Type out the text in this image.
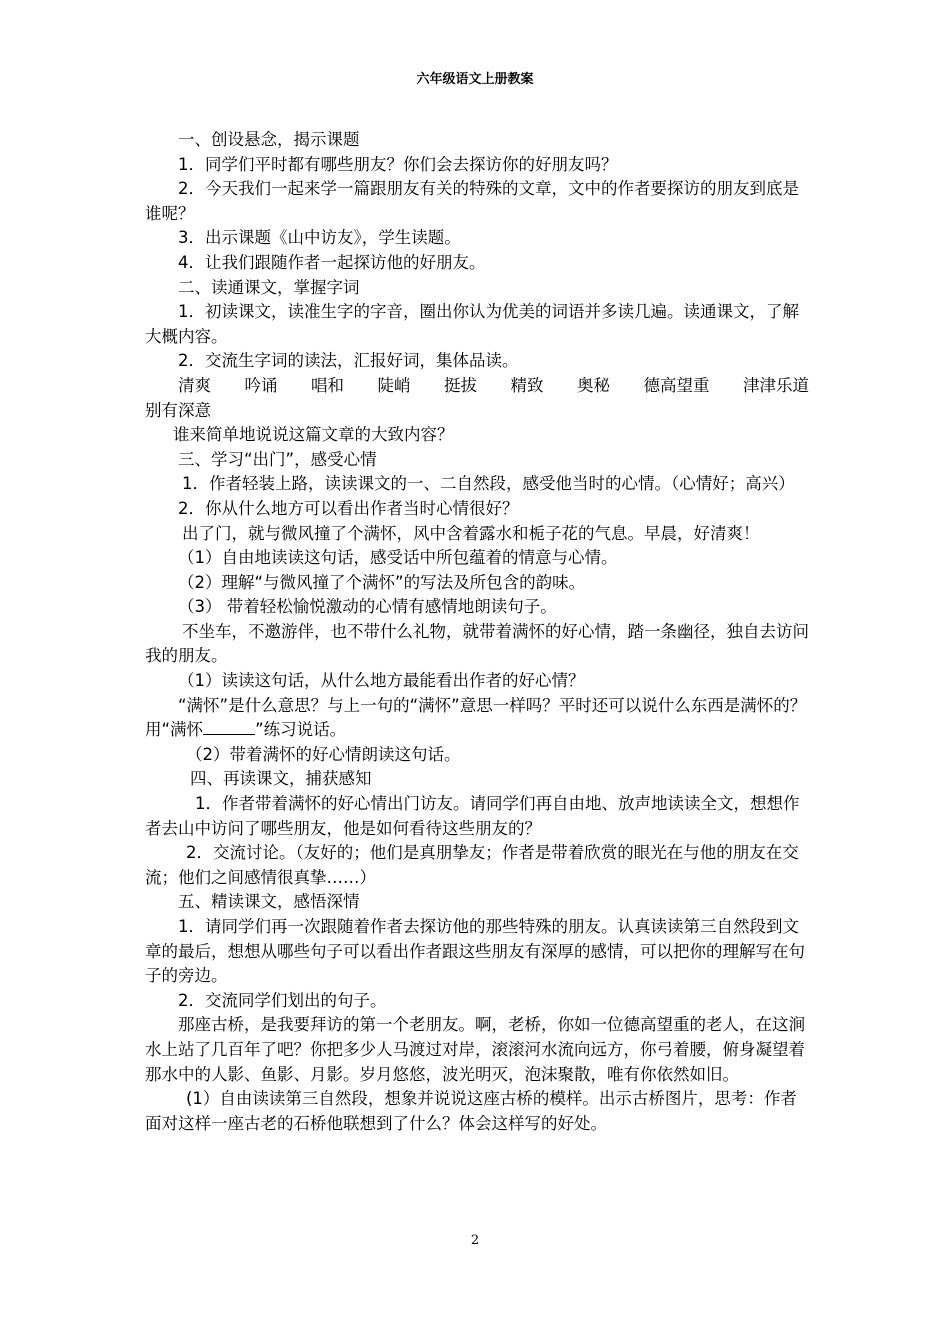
六年级语文上册教案

一、创设悬念，揭示课题

1．同学们平时都有哪些朋友？你们会去探访你的好朋友吗？

2．今天我们一起来学一篇跟朋友有关的特殊的文章，文中的作者要探访的朋友到底是谁呢？

3．出示课题《山中访友》，学生读题。

4．让我们跟随作者一起探访他的好朋友。

二、读通课文，掌握字词

1．初读课文，读准生字的字音，圈出你认为优美的词语并多读几遍。读通课文，了解大概内容。

2．交流生字词的读法，汇报好词，集体品读。

清爽 吟诵 唱和 陡峭 挺拔 精致 奥秘 德高望重 津津乐道

别有深意

谁来简单地说说这篇文章的大致内容？

三、学习“出门”，感受心情

1．作者轻装上路，读读课文的一、二自然段，感受他当时的心情。（心情好；高兴）

2．你从什么地方可以看出作者当时心情很好？

出了门，就与微风撞了个满怀，风中含着露水和栀子花的气息。早晨，好清爽！

（1）自由地读读这句话，感受话中所包蕴着的情意与心情。

（2）理解“与微风撞了个满怀”的写法及所包含的韵味。

（3） 带着轻松愉悦激动的心情有感情地朗读句子。

不坐车，不邀游伴，也不带什么礼物，就带着满怀的好心情，踏一条幽径，独自去访问我的朋友。

（1）读读这句话，从什么地方最能看出作者的好心情？

“满怀”是什么意思？与上一句的“满怀”意思一样吗？平时还可以说什么东西是满怀的？用“满怀	”练习说话。

（2）带着满怀的好心情朗读这句话。

四、再读课文，捕获感知

1．作者带着满怀的好心情出门访友。请同学们再自由地、放声地读读全文，想想作者去山中访问了哪些朋友，他是如何看待这些朋友的？

2．交流讨论。（友好的；他们是真朋挚友；作者是带着欣赏的眼光在与他的朋友在交流；他们之间感情很真挚……）

五、精读课文，感悟深情

1．请同学们再一次跟随着作者去探访他的那些特殊的朋友。认真读读第三自然段到文章的最后，想想从哪些句子可以看出作者跟这些朋友有深厚的感情，可以把你的理解写在句子的旁边。

2．交流同学们划出的句子。

那座古桥，是我要拜访的第一个老朋友。啊，老桥，你如一位德高望重的老人，在这涧水上站了几百年了吧？你把多少人马渡过对岸，滚滚河水流向远方，你弓着腰，俯身凝望着那水中的人影、鱼影、月影。岁月悠悠，波光明灭，泡沫聚散，唯有你依然如旧。

(1）自由读读第三自然段，想象并说说这座古桥的模样。出示古桥图片，思考：作者面对这样一座古老的石桥他联想到了什么？体会这样写的好处。

2
